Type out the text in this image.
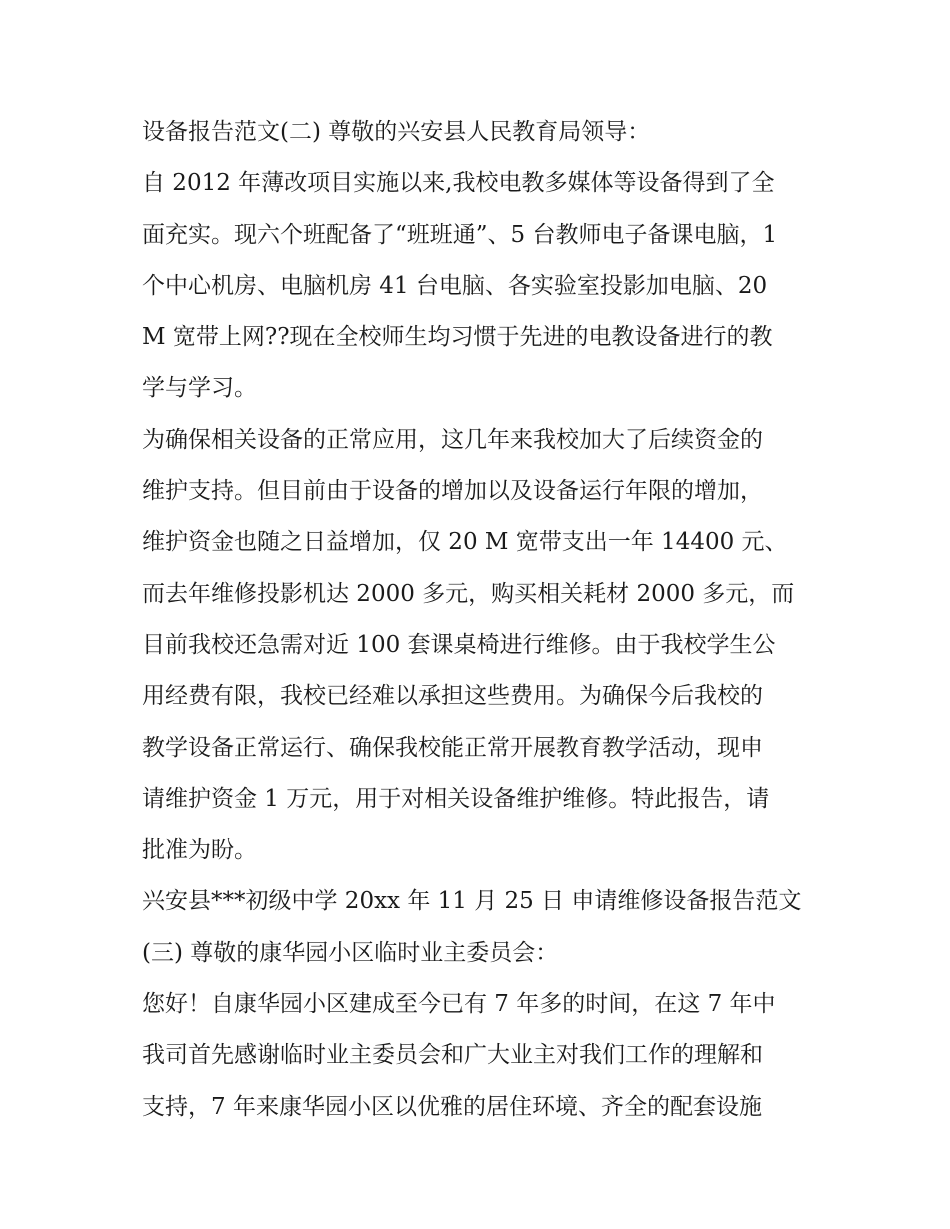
设备报告范文(二) 尊敬的兴安县人民教育局领导：
自 2012 年薄改项目实施以来,我校电教多媒体等设备得到了全
面充实。现六个班配备了“班班通”、5 台教师电子备课电脑，1
个中心机房、电脑机房 41 台电脑、各实验室投影加电脑、20
M 宽带上网??现在全校师生均习惯于先进的电教设备进行的教
学与学习。
为确保相关设备的正常应用，这几年来我校加大了后续资金的
维护支持。但目前由于设备的增加以及设备运行年限的增加，
维护资金也随之日益增加，仅 20 M 宽带支出一年 14400 元、
而去年维修投影机达 2000 多元，购买相关耗材 2000 多元，而
目前我校还急需对近 100 套课桌椅进行维修。由于我校学生公
用经费有限，我校已经难以承担这些费用。为确保今后我校的
教学设备正常运行、确保我校能正常开展教育教学活动，现申
请维护资金 1 万元，用于对相关设备维护维修。特此报告，请
批准为盼。
兴安县***初级中学 20xx 年 11 月 25 日 申请维修设备报告范文
(三) 尊敬的康华园小区临时业主委员会：
您好！自康华园小区建成至今已有 7 年多的时间，在这 7 年中
我司首先感谢临时业主委员会和广大业主对我们工作的理解和
支持，7 年来康华园小区以优雅的居住环境、齐全的配套设施
